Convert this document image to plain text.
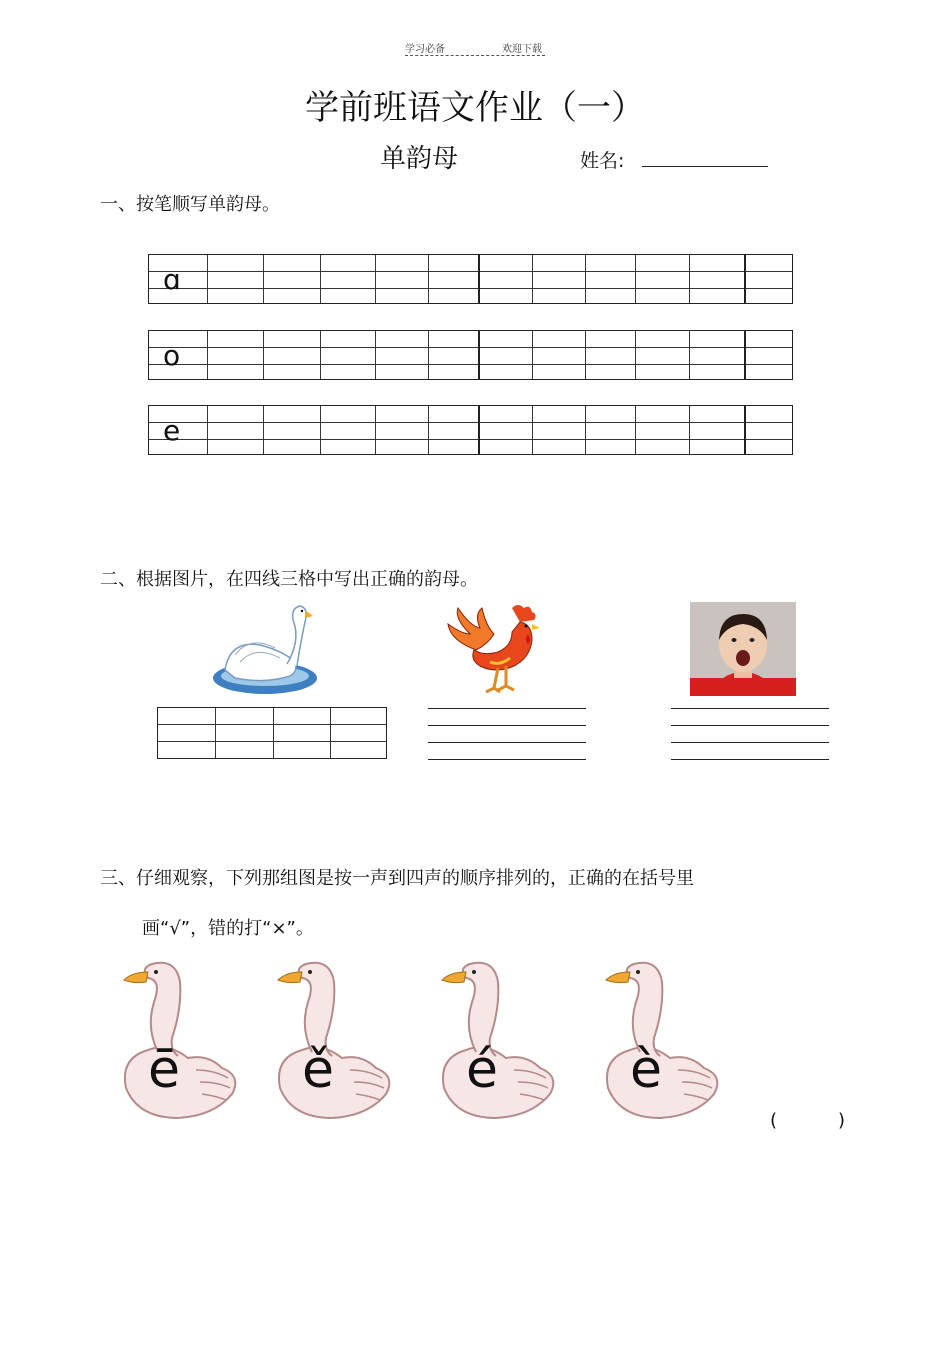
学习必备	欢迎下载
学前班语文作业（一）
单韵母	姓名:
一、按笔顺写单韵母。
ɑ
o
e
二、根据图片，在四线三格中写出正确的韵母。
三、仔细观察，下列那组图是按一声到四声的顺序排列的，正确的在括号里
画“√”，错的打“×”。
ē ě	é	è
(	)
